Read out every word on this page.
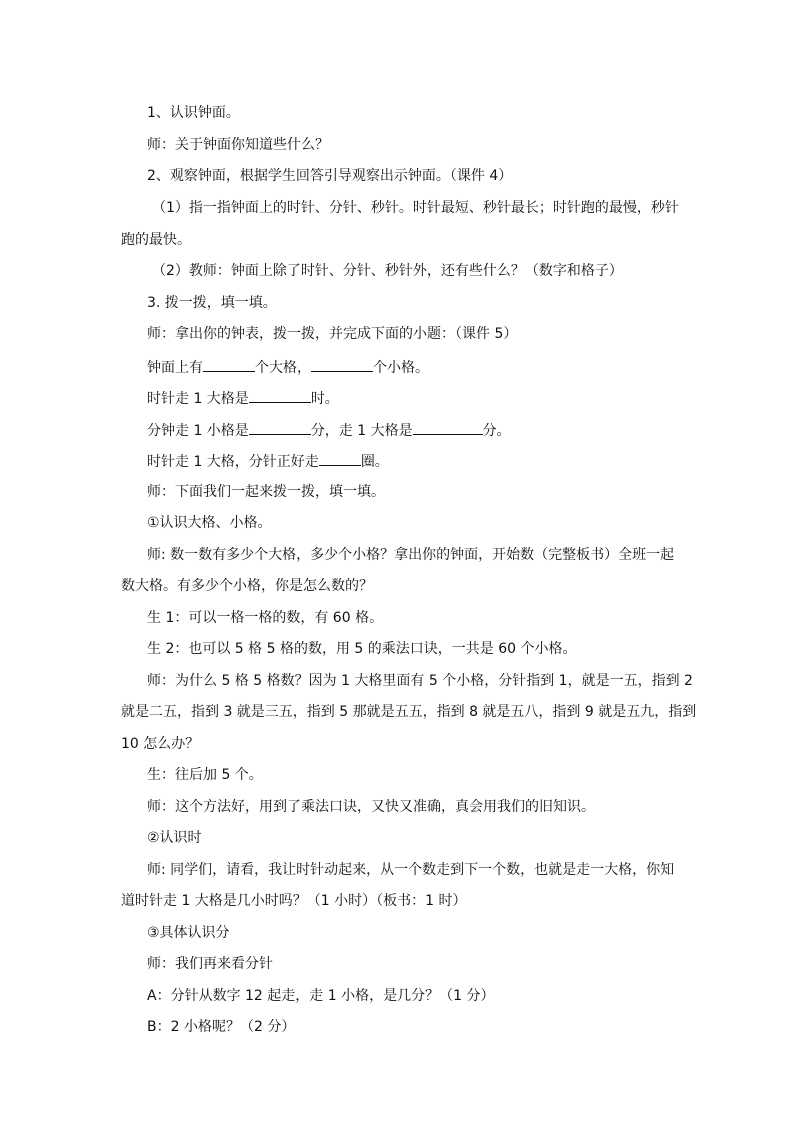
1、认识钟面。
师：关于钟面你知道些什么？
2、观察钟面，根据学生回答引导观察出示钟面。（课件 4）
（1）指一指钟面上的时针、分针、秒针。时针最短、秒针最长；时针跑的最慢，秒针
跑的最快。
（2）教师：钟面上除了时针、分针、秒针外，还有些什么？（数字和格子）
3. 拨一拨，填一填。
师：拿出你的钟表，拨一拨，并完成下面的小题：（课件 5）
钟面上有	个大格，	个小格。
时针走 1 大格是	时。
分钟走 1 小格是	分，走 1 大格是	分。
时针走 1 大格，分针正好走	圈。
师：下面我们一起来拨一拨，填一填。
①认识大格、小格。
师: 数一数有多少个大格，多少个小格？拿出你的钟面，开始数（完整板书）全班一起
数大格。有多少个小格，你是怎么数的？
生 1：可以一格一格的数，有 60 格。
生 2：也可以 5 格 5 格的数，用 5 的乘法口诀，一共是 60 个小格。
师：为什么 5 格 5 格数？因为 1 大格里面有 5 个小格，分针指到 1，就是一五，指到 2
就是二五，指到 3 就是三五，指到 5 那就是五五，指到 8 就是五八，指到 9 就是五九，指到
10 怎么办？
生：往后加 5 个。
师：这个方法好，用到了乘法口诀，又快又准确，真会用我们的旧知识。
②认识时
师: 同学们，请看，我让时针动起来，从一个数走到下一个数，也就是走一大格，你知
道时针走 1 大格是几小时吗？（1 小时）（板书：1 时）
③具体认识分
师：我们再来看分针
A：分针从数字 12 起走，走 1 小格，是几分？（1 分）
B：2 小格呢？（2 分）
